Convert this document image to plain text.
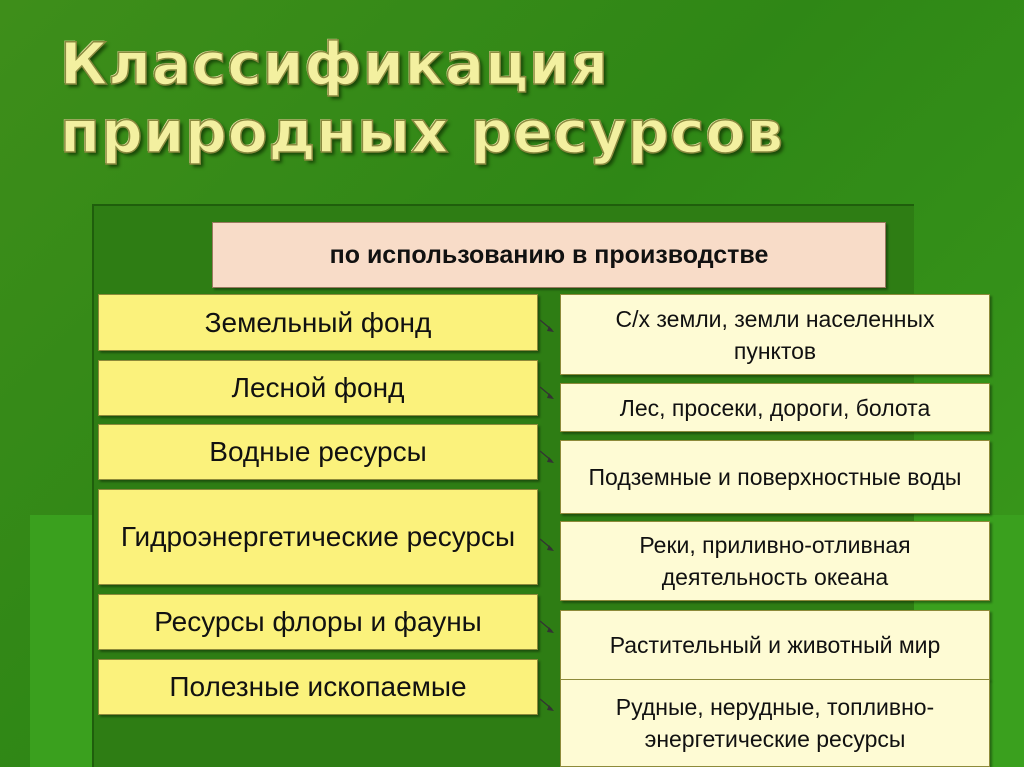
Классификация
природных ресурсов
по использованию в производстве
Земельный фонд
Лесной фонд
Водные ресурсы
Гидроэнергетические ресурсы
Ресурсы флоры и фауны
Полезные ископаемые
С/х земли, земли населенных пунктов
Лес, просеки, дороги, болота
Подземные и поверхностные воды
Реки, приливно-отливная деятельность океана
Растительный и животный мир
Рудные, нерудные, топливно-энергетические ресурсы
